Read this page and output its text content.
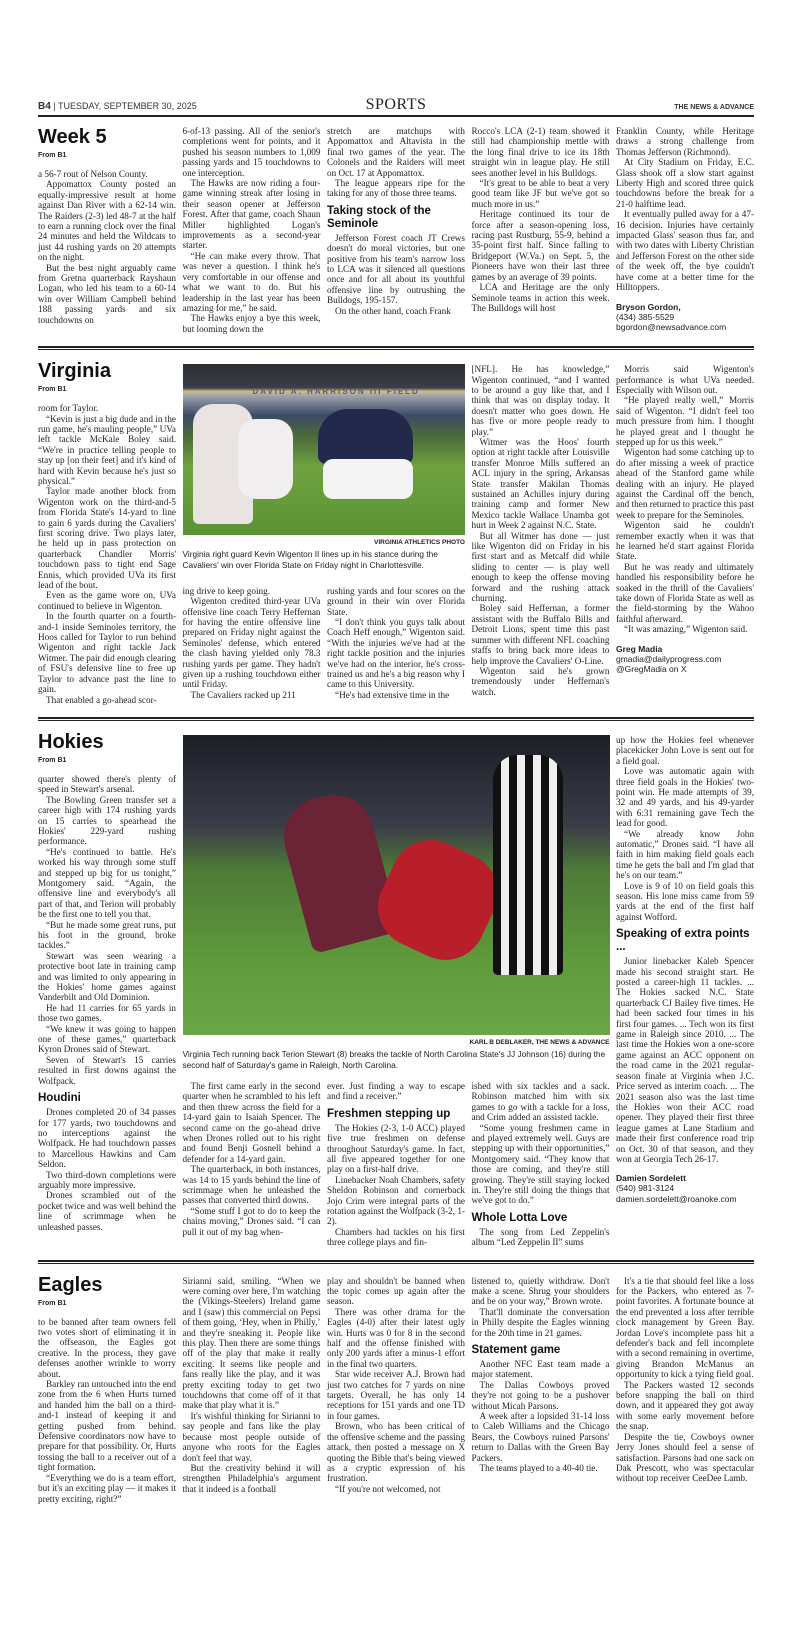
B4 | TUESDAY, SEPTEMBER 30, 2025	SPORTS	THE NEWS & ADVANCE
Week 5
From B1

a 56-7 rout of Nelson County.

Appomattox County posted an equally-impressive result at home against Dan River with a 62-14 win. The Raiders (2-3) led 48-7 at the half to earn a running clock over the final 24 minutes and held the Wildcats to just 44 rushing yards on 20 attempts on the night.

But the best night arguably came from Gretna quarterback Rayshaun Logan, who led his team to a 60-14 win over William Campbell behind 188 passing yards and six touchdowns on

6-of-13 passing. All of the senior's completions went for points, and it pushed his season numbers to 1,009 passing yards and 15 touchdowns to one interception.

The Hawks are now riding a four-game winning streak after losing in their season opener at Jefferson Forest. After that game, coach Shaun Miller highlighted Logan's improvements as a second-year starter.

“He can make every throw. That was never a question. I think he's very comfortable in our offense and what we want to do. But his leadership in the last year has been amazing for me,” he said.

The Hawks enjoy a bye this week, but looming down the

stretch are matchups with Appomattox and Altavista in the final two games of the year. The Colonels and the Raiders will meet on Oct. 17 at Appomattox.

The league appears ripe for the taking for any of those three teams.

Taking stock of the Seminole

Jefferson Forest coach JT Crews doesn't do moral victories, but one positive from his team's narrow loss to LCA was it silenced all questions once and for all about its youthful offensive line by outrushing the Bulldogs, 195-157.

On the other hand, coach Frank

Rocco's LCA (2-1) team showed it still had championship mettle with the long final drive to ice its 18th straight win in league play. He still sees another level in his Bulldogs.

“It's great to be able to beat a very good team like JF but we've got so much more in us.”

Heritage continued its tour de force after a season-opening loss, racing past Rustburg, 55-9, behind a 35-point first half. Since falling to Bridgeport (W.Va.) on Sept. 5, the Pioneers have won their last three games by an average of 39 points.

LCA and Heritage are the only Seminole teams in action this week. The Bulldogs will host

Franklin County, while Heritage draws a strong challenge from Thomas Jefferson (Richmond).

At City Stadium on Friday, E.C. Glass shook off a slow start against Liberty High and scored three quick touchdowns before the break for a 21-0 halftime lead.

It eventually pulled away for a 47-16 decision. Injuries have certainly impacted Glass' season thus far, and with two dates with Liberty Christian and Jefferson Forest on the other side of the week off, the bye couldn't have come at a better time for the Hilltoppers.

Bryson Gordon,
(434) 385-5529
bgordon@newsadvance.com
Virginia
From B1

room for Taylor.

“Kevin is just a big dude and in the run game, he's mauling people,” UVa left tackle McKale Boley said. “We're in practice telling people to stay up [on their feet] and it's kind of hard with Kevin because he's just so physical.”

Taylor made another block from Wigenton work on the third-and-5 from Florida State's 14-yard to line to gain 6 yards during the Cavaliers' first scoring drive. Two plays later, he held up in pass protection on quarterback Chandler Morris' touchdown pass to tight end Sage Ennis, which provided UVa its first lead of the bout.

Even as the game wore on, UVa continued to believe in Wigenton.

In the fourth quarter on a fourth-and-1 inside Seminoles territory, the Hoos called for Taylor to run behind Wigenton and right tackle Jack Witmer. The pair did enough clearing of FSU's defensive line to free up Taylor to advance past the line to gain.

That enabled a go-ahead scor-

DAVID A. HARRISON III FIELD
VIRGINIA ATHLETICS PHOTO
Virginia right guard Kevin Wigenton II lines up in his stance during the Cavaliers' win over Florida State on Friday night in Charlottesville.

ing drive to keep going.

Wigenton credited third-year UVa offensive line coach Terry Heffernan for having the entire offensive line prepared on Friday night against the Seminoles' defense, which entered the clash having yielded only 78.3 rushing yards per game. They hadn't given up a rushing touchdown either until Friday.

The Cavaliers racked up 211

rushing yards and four scores on the ground in their win over Florida State.

“I don't think you guys talk about Coach Heff enough,” Wigenton said. “With the injuries we've had at the right tackle position and the injuries we've had on the interior, he's cross-trained us and he's a big reason why I came to this University.

“He's had extensive time in the

[NFL]. He has knowledge,” Wigenton continued, “and I wanted to be around a guy like that, and I think that was on display today. It doesn't matter who goes down. He has five or more people ready to play.”

Witmer was the Hoos' fourth option at right tackle after Louisville transfer Monroe Mills suffered an ACL injury in the spring, Arkansas State transfer Makilan Thomas sustained an Achilles injury during training camp and former New Mexico tackle Wallace Unamba got hurt in Week 2 against N.C. State.

But all Witmer has done — just like Wigenton did on Friday in his first start and as Metcalf did while sliding to center — is play well enough to keep the offense moving forward and the rushing attack churning.

Boley said Heffernan, a former assistant with the Buffalo Bills and Detroit Lions, spent time this past summer with different NFL coaching staffs to bring back more ideas to help improve the Cavaliers' O-Line.

Wigenton said he's grown tremendously under Heffernan's watch.

Morris said Wigenton's performance is what UVa needed. Especially with Wilson out.

“He played really well,” Morris said of Wigenton. “I didn't feel too much pressure from him. I thought he played great and I thought he stepped up for us this week.”

Wigenton had some catching up to do after missing a week of practice ahead of the Stanford game while dealing with an injury. He played against the Cardinal off the bench, and then returned to practice this past week to prepare for the Seminoles.

Wigenton said he couldn't remember exactly when it was that he learned he'd start against Florida State.

But he was ready and ultimately handled his responsibility before he soaked in the thrill of the Cavaliers' take down of Florida State as well as the field-storming by the Wahoo faithful afterward.

“It was amazing,” Wigenton said.

Greg Madia
gmadia@dailyprogress.com
@GregMadia on X
Hokies
From B1

quarter showed there's plenty of speed in Stewart's arsenal.

The Bowling Green transfer set a career high with 174 rushing yards on 15 carries to spearhead the Hokies' 229-yard rushing performance.

“He's continued to battle. He's worked his way through some stuff and stepped up big for us tonight,” Montgomery said. “Again, the offensive line and everybody's all part of that, and Terion will probably be the first one to tell you that.

“But he made some great runs, put his foot in the ground, broke tackles.”

Stewart was seen wearing a protective boot late in training camp and was limited to only appearing in the Hokies' home games against Vanderbilt and Old Dominion.

He had 11 carries for 65 yards in those two games.

“We knew it was going to happen one of these games,” quarterback Kyron Drones said of Stewart.

Seven of Stewart's 15 carries resulted in first downs against the Wolfpack.

Houdini

Drones completed 20 of 34 passes for 177 yards, two touchdowns and no interceptions against the Wolfpack. He had touchdown passes to Marcellous Hawkins and Cam Seldon.

Two third-down completions were arguably more impressive.

Drones scrambled out of the pocket twice and was well behind the line of scrimmage when he unleashed passes.

KARL B DEBLAKER, THE NEWS & ADVANCE
Virginia Tech running back Terion Stewart (8) breaks the tackle of North Carolina State's JJ Johnson (16) during the second half of Saturday's game in Raleigh, North Carolina.

The first came early in the second quarter when he scrambled to his left and then threw across the field for a 14-yard gain to Isaiah Spencer. The second came on the go-ahead drive when Drones rolled out to his right and found Benji Gosnell behind a defender for a 14-yard gain.

The quarterback, in both instances, was 14 to 15 yards behind the line of scrimmage when he unleashed the passes that converted third downs.

“Some stuff I got to do to keep the chains moving,” Drones said. “I can pull it out of my bag when-

ever. Just finding a way to escape and find a receiver.”

Freshmen stepping up

The Hokies (2-3, 1-0 ACC) played five true freshmen on defense throughout Saturday's game. In fact, all five appeared together for one play on a first-half drive.

Linebacker Noah Chambers, safety Sheldon Robinson and cornerback Jojo Crim were integral parts of the rotation against the Wolfpack (3-2, 1-2).

Chambers had tackles on his first three college plays and fin-

ished with six tackles and a sack. Robinson matched him with six games to go with a tackle for a loss, and Crim added an assisted tackle.

“Some young freshmen came in and played extremely well. Guys are stepping up with their opportunities,” Montgomery said. “They know that those are coming, and they're still growing. They're still staying locked in. They're still doing the things that we've got to do.”

Whole Lotta Love

The song from Led Zeppelin's album “Led Zeppelin II” sums

up how the Hokies feel whenever placekicker John Love is sent out for a field goal.

Love was automatic again with three field goals in the Hokies' two-point win. He made attempts of 39, 32 and 49 yards, and his 49-yarder with 6:31 remaining gave Tech the lead for good.

“We already know John automatic,” Drones said. “I have all faith in him making field goals each time he gets the ball and I'm glad that he's on our team.”

Love is 9 of 10 on field goals this season. His lone miss came from 59 yards at the end of the first half against Wofford.

Speaking of extra points ...

Junior linebacker Kaleb Spencer made his second straight start. He posted a career-high 11 tackles. ... The Hokies sacked N.C. State quarterback CJ Bailey five times. He had been sacked four times in his first four games. ... Tech won its first game in Raleigh since 2010. ... The last time the Hokies won a one-score game against an ACC opponent on the road came in the 2021 regular-season finale at Virginia when J.C. Price served as interim coach. ... The 2021 season also was the last time the Hokies won their ACC road opener. They played their first three league games at Lane Stadium and made their first conference road trip on Oct. 30 of that season, and they won at Georgia Tech 26-17.

Damien Sordelett
(540) 981-3124
damien.sordelett@roanoke.com
Eagles
From B1

to be banned after team owners fell two votes short of eliminating it in the offseason, the Eagles got creative. In the process, they gave defenses another wrinkle to worry about.

Barkley ran untouched into the end zone from the 6 when Hurts turned and handed him the ball on a third-and-1 instead of keeping it and getting pushed from behind. Defensive coordinators now have to prepare for that possibility. Or, Hurts tossing the ball to a receiver out of a tight formation.

“Everything we do is a team effort, but it's an exciting play — it makes it pretty exciting, right?”

Sirianni said, smiling. “When we were coming over here, I'm watching the (Vikings-Steelers) Ireland game and I (saw) this commercial on Pepsi of them going, ‘Hey, when in Philly,’ and they're sneaking it. People like this play. Then there are some things off of the play that make it really exciting. It seems like people and fans really like the play, and it was pretty exciting today to get two touchdowns that come off of it that make that play what it is.”

It's wishful thinking for Sirianni to say people and fans like the play because most people outside of anyone who roots for the Eagles don't feel that way.

But the creativity behind it will strengthen Philadelphia's argument that it indeed is a football

play and shouldn't be banned when the topic comes up again after the season.

There was other drama for the Eagles (4-0) after their latest ugly win. Hurts was 0 for 8 in the second half and the offense finished with only 200 yards after a minus-1 effort in the final two quarters.

Star wide receiver A.J. Brown had just two catches for 7 yards on nine targets. Overall, he has only 14 receptions for 151 yards and one TD in four games.

Brown, who has been critical of the offensive scheme and the passing attack, then posted a message on X quoting the Bible that's being viewed as a cryptic expression of his frustration.

“If you're not welcomed, not

listened to, quietly withdraw. Don't make a scene. Shrug your shoulders and be on your way,” Brown wrote.

That'll dominate the conversation in Philly despite the Eagles winning for the 20th time in 21 games.

Statement game

Another NFC East team made a major statement.

The Dallas Cowboys proved they're not going to be a pushover without Micah Parsons.

A week after a lopsided 31-14 loss to Caleb Williams and the Chicago Bears, the Cowboys ruined Parsons' return to Dallas with the Green Bay Packers.

The teams played to a 40-40 tie.

It's a tie that should feel like a loss for the Packers, who entered as 7-point favorites. A fortunate bounce at the end prevented a loss after terrible clock management by Green Bay. Jordan Love's incomplete pass hit a defender's back and fell incomplete with a second remaining in overtime, giving Brandon McManus an opportunity to kick a tying field goal.

The Packers wasted 12 seconds before snapping the ball on third down, and it appeared they got away with some early movement before the snap.

Despite the tie, Cowboys owner Jerry Jones should feel a sense of satisfaction. Parsons had one sack on Dak Prescott, who was spectacular without top receiver CeeDee Lamb.
